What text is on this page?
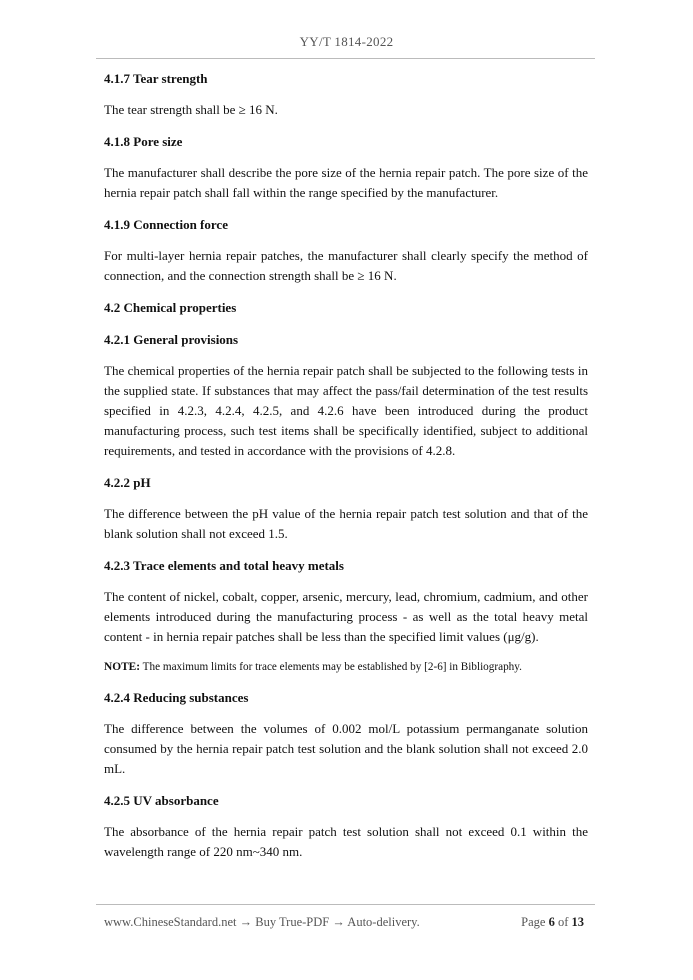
YY/T 1814-2022
4.1.7 Tear strength

The tear strength shall be ≥ 16 N.

4.1.8 Pore size

The manufacturer shall describe the pore size of the hernia repair patch. The pore size of the hernia repair patch shall fall within the range specified by the manufacturer.

4.1.9 Connection force

For multi-layer hernia repair patches, the manufacturer shall clearly specify the method of connection, and the connection strength shall be ≥ 16 N.

4.2 Chemical properties
4.2.1 General provisions

The chemical properties of the hernia repair patch shall be subjected to the following tests in the supplied state. If substances that may affect the pass/fail determination of the test results specified in 4.2.3, 4.2.4, 4.2.5, and 4.2.6 have been introduced during the product manufacturing process, such test items shall be specifically identified, subject to additional requirements, and tested in accordance with the provisions of 4.2.8.

4.2.2 pH

The difference between the pH value of the hernia repair patch test solution and that of the blank solution shall not exceed 1.5.

4.2.3 Trace elements and total heavy metals

The content of nickel, cobalt, copper, arsenic, mercury, lead, chromium, cadmium, and other elements introduced during the manufacturing process - as well as the total heavy metal content - in hernia repair patches shall be less than the specified limit values (μg/g).

NOTE: The maximum limits for trace elements may be established by [2-6] in Bibliography.

4.2.4 Reducing substances

The difference between the volumes of 0.002 mol/L potassium permanganate solution consumed by the hernia repair patch test solution and the blank solution shall not exceed 2.0 mL.

4.2.5 UV absorbance

The absorbance of the hernia repair patch test solution shall not exceed 0.1 within the wavelength range of 220 nm~340 nm.

www.ChineseStandard.net → Buy True-PDF → Auto-delivery.	Page 6 of 13
